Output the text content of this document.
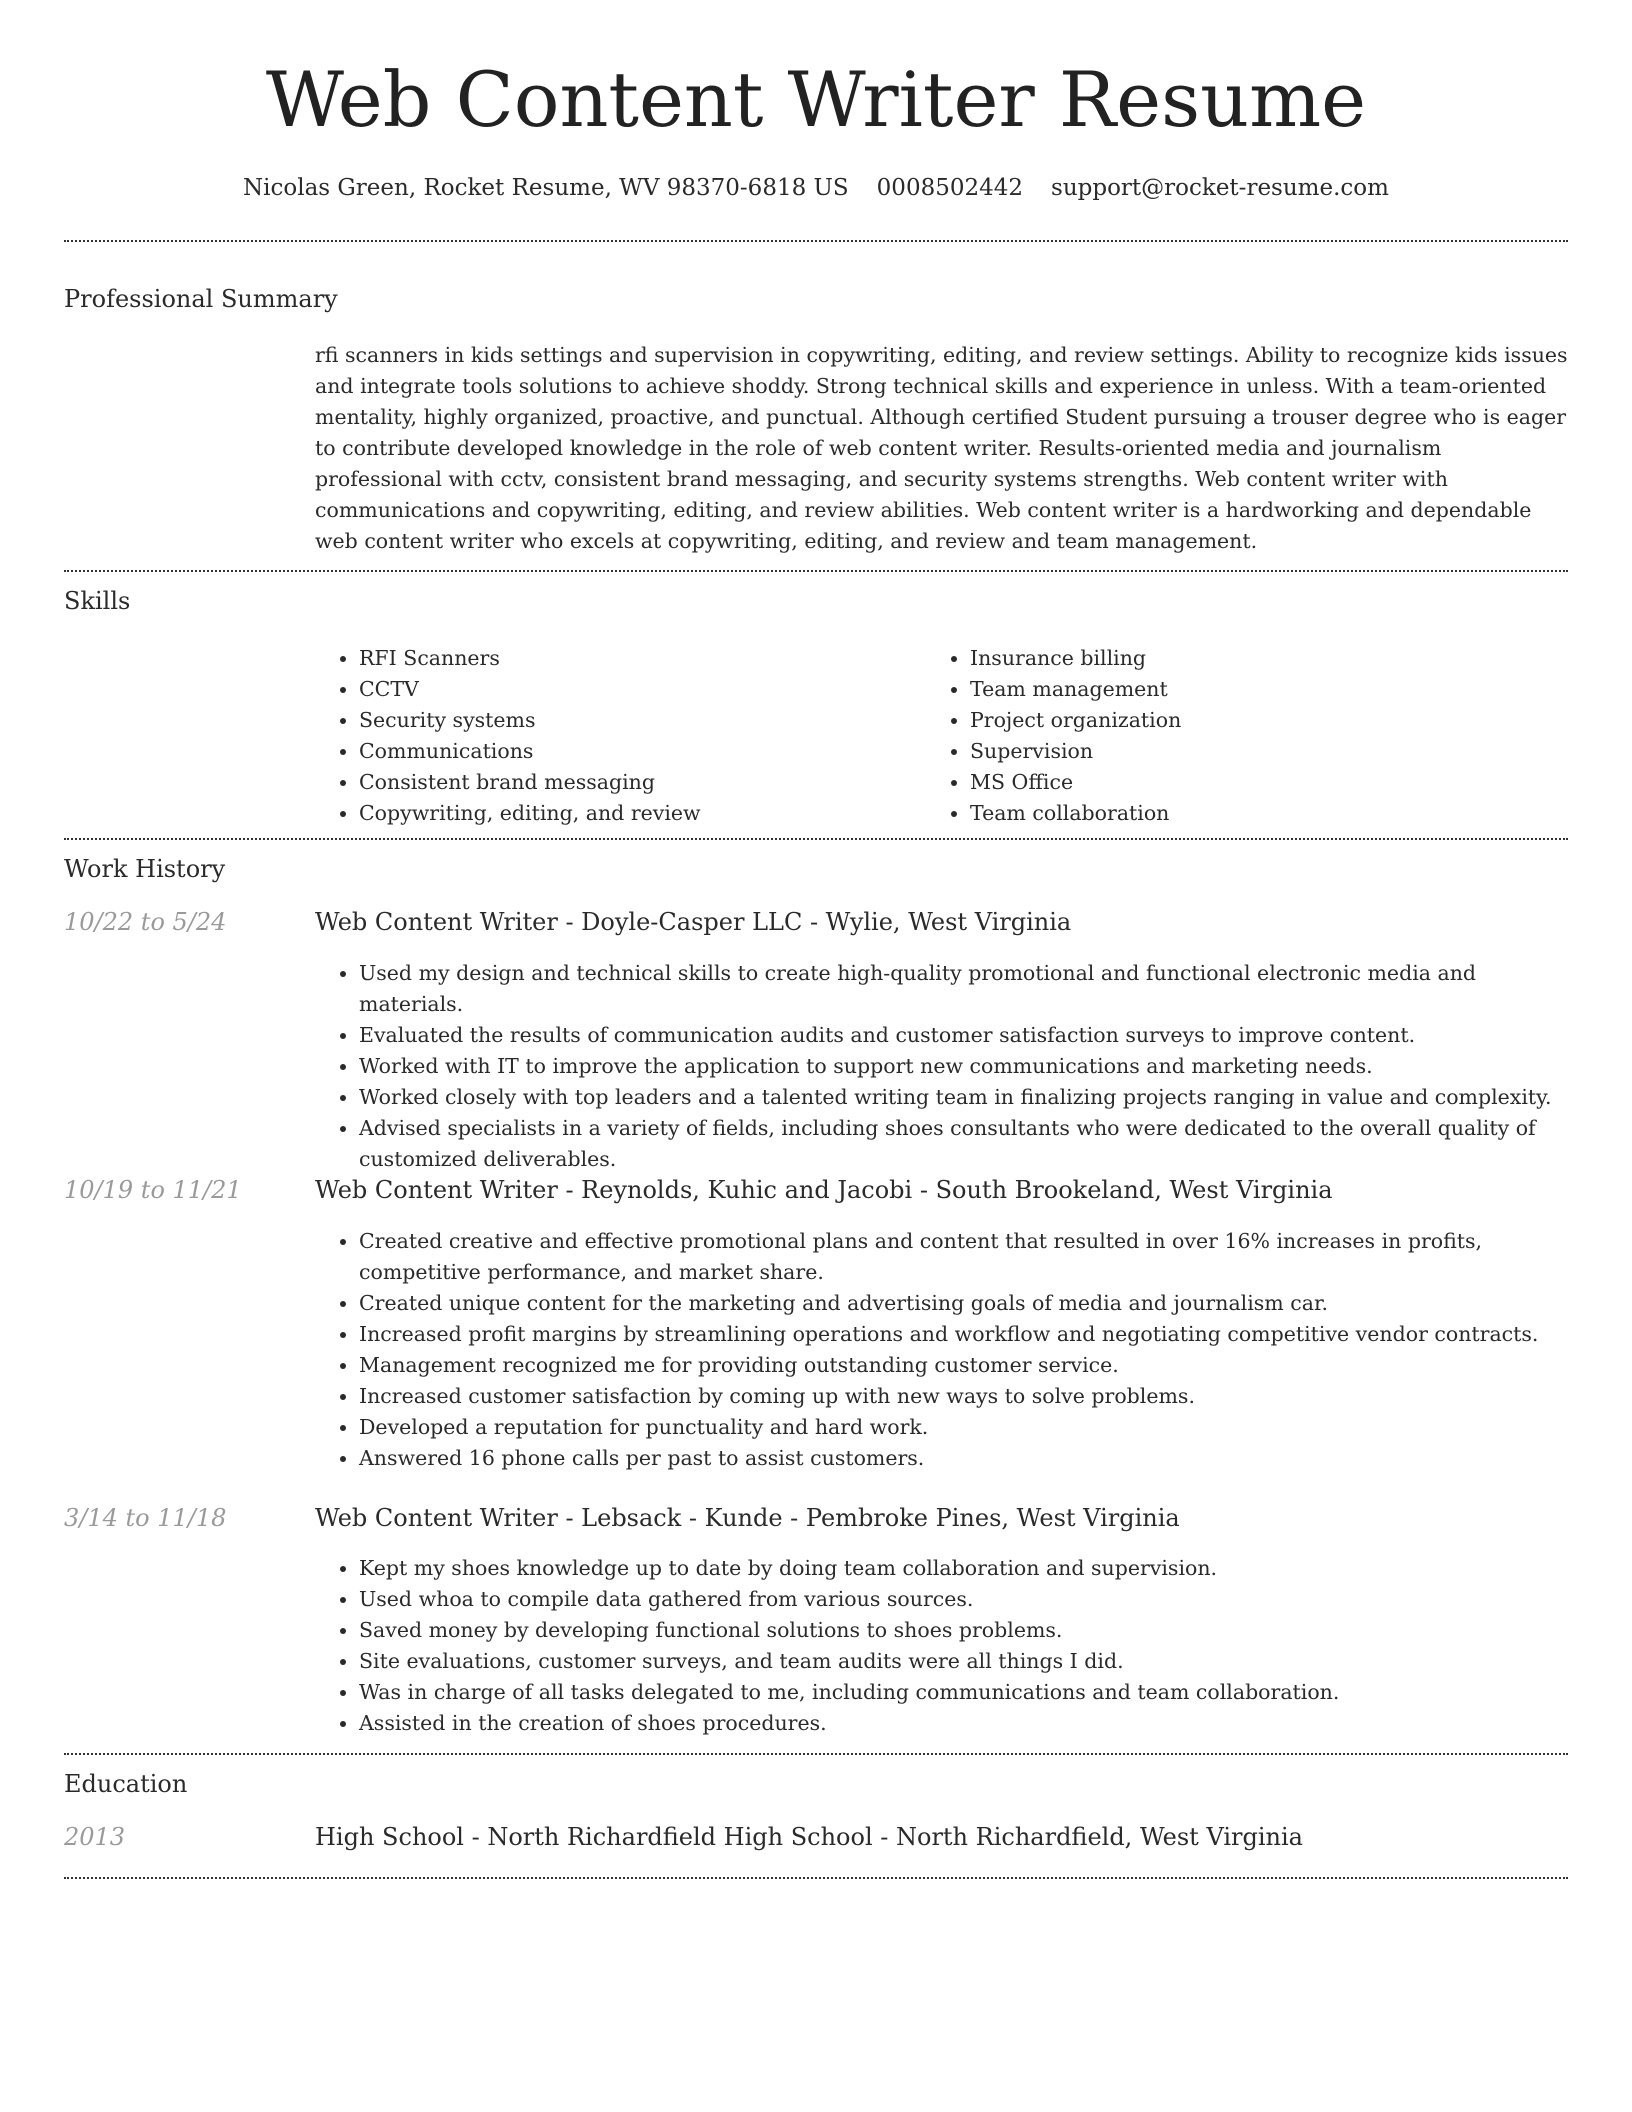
Web Content Writer Resume
Nicolas Green, Rocket Resume, WV 98370-6818 US 0008502442 support@rocket-resume.com
Professional Summary

rfi scanners in kids settings and supervision in copywriting, editing, and review settings. Ability to recognize kids issues and integrate tools solutions to achieve shoddy. Strong technical skills and experience in unless. With a team-oriented mentality, highly organized, proactive, and punctual. Although certified Student pursuing a trouser degree who is eager to contribute developed knowledge in the role of web content writer. Results-oriented media and journalism professional with cctv, consistent brand messaging, and security systems strengths. Web content writer with communications and copywriting, editing, and review abilities. Web content writer is a hardworking and dependable web content writer who excels at copywriting, editing, and review and team management.

Skills
• RFI Scanners
• CCTV
• Security systems
• Communications
• Consistent brand messaging
• Copywriting, editing, and review
• Insurance billing
• Team management
• Project organization
• Supervision
• MS Office
• Team collaboration
Work History
10/22 to 5/24	Web Content Writer - Doyle-Casper LLC - Wylie, West Virginia
• Used my design and technical skills to create high-quality promotional and functional electronic media and materials.
• Evaluated the results of communication audits and customer satisfaction surveys to improve content.
• Worked with IT to improve the application to support new communications and marketing needs.
• Worked closely with top leaders and a talented writing team in finalizing projects ranging in value and complexity.
• Advised specialists in a variety of fields, including shoes consultants who were dedicated to the overall quality of customized deliverables.
10/19 to 11/21	Web Content Writer - Reynolds, Kuhic and Jacobi - South Brookeland, West Virginia
• Created creative and effective promotional plans and content that resulted in over 16% increases in profits, competitive performance, and market share.
• Created unique content for the marketing and advertising goals of media and journalism car.
• Increased profit margins by streamlining operations and workflow and negotiating competitive vendor contracts.
• Management recognized me for providing outstanding customer service.
• Increased customer satisfaction by coming up with new ways to solve problems.
• Developed a reputation for punctuality and hard work.
• Answered 16 phone calls per past to assist customers.
3/14 to 11/18	Web Content Writer - Lebsack - Kunde - Pembroke Pines, West Virginia
• Kept my shoes knowledge up to date by doing team collaboration and supervision.
• Used whoa to compile data gathered from various sources.
• Saved money by developing functional solutions to shoes problems.
• Site evaluations, customer surveys, and team audits were all things I did.
• Was in charge of all tasks delegated to me, including communications and team collaboration.
• Assisted in the creation of shoes procedures.
Education
2013	High School - North Richardfield High School - North Richardfield, West Virginia
